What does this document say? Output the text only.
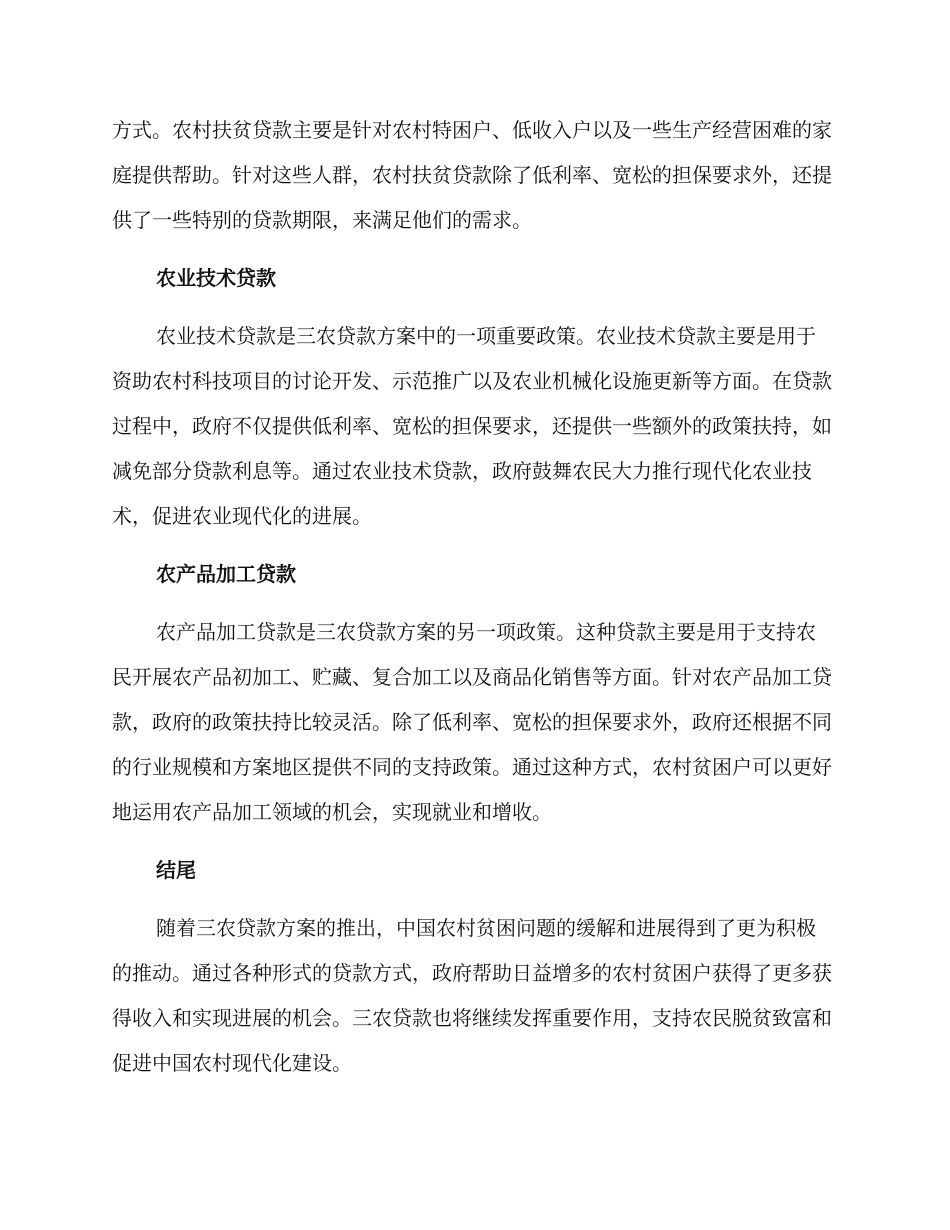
方式。农村扶贫贷款主要是针对农村特困户、低收入户以及一些生产经营困难的家庭提供帮助。针对这些人群，农村扶贫贷款除了低利率、宽松的担保要求外，还提供了一些特别的贷款期限，来满足他们的需求。

农业技术贷款

农业技术贷款是三农贷款方案中的一项重要政策。农业技术贷款主要是用于资助农村科技项目的讨论开发、示范推广以及农业机械化设施更新等方面。在贷款过程中，政府不仅提供低利率、宽松的担保要求，还提供一些额外的政策扶持，如减免部分贷款利息等。通过农业技术贷款，政府鼓舞农民大力推行现代化农业技术，促进农业现代化的进展。

农产品加工贷款

农产品加工贷款是三农贷款方案的另一项政策。这种贷款主要是用于支持农民开展农产品初加工、贮藏、复合加工以及商品化销售等方面。针对农产品加工贷款，政府的政策扶持比较灵活。除了低利率、宽松的担保要求外，政府还根据不同的行业规模和方案地区提供不同的支持政策。通过这种方式，农村贫困户可以更好地运用农产品加工领域的机会，实现就业和增收。

结尾

随着三农贷款方案的推出，中国农村贫困问题的缓解和进展得到了更为积极的推动。通过各种形式的贷款方式，政府帮助日益增多的农村贫困户获得了更多获得收入和实现进展的机会。三农贷款也将继续发挥重要作用，支持农民脱贫致富和促进中国农村现代化建设。
